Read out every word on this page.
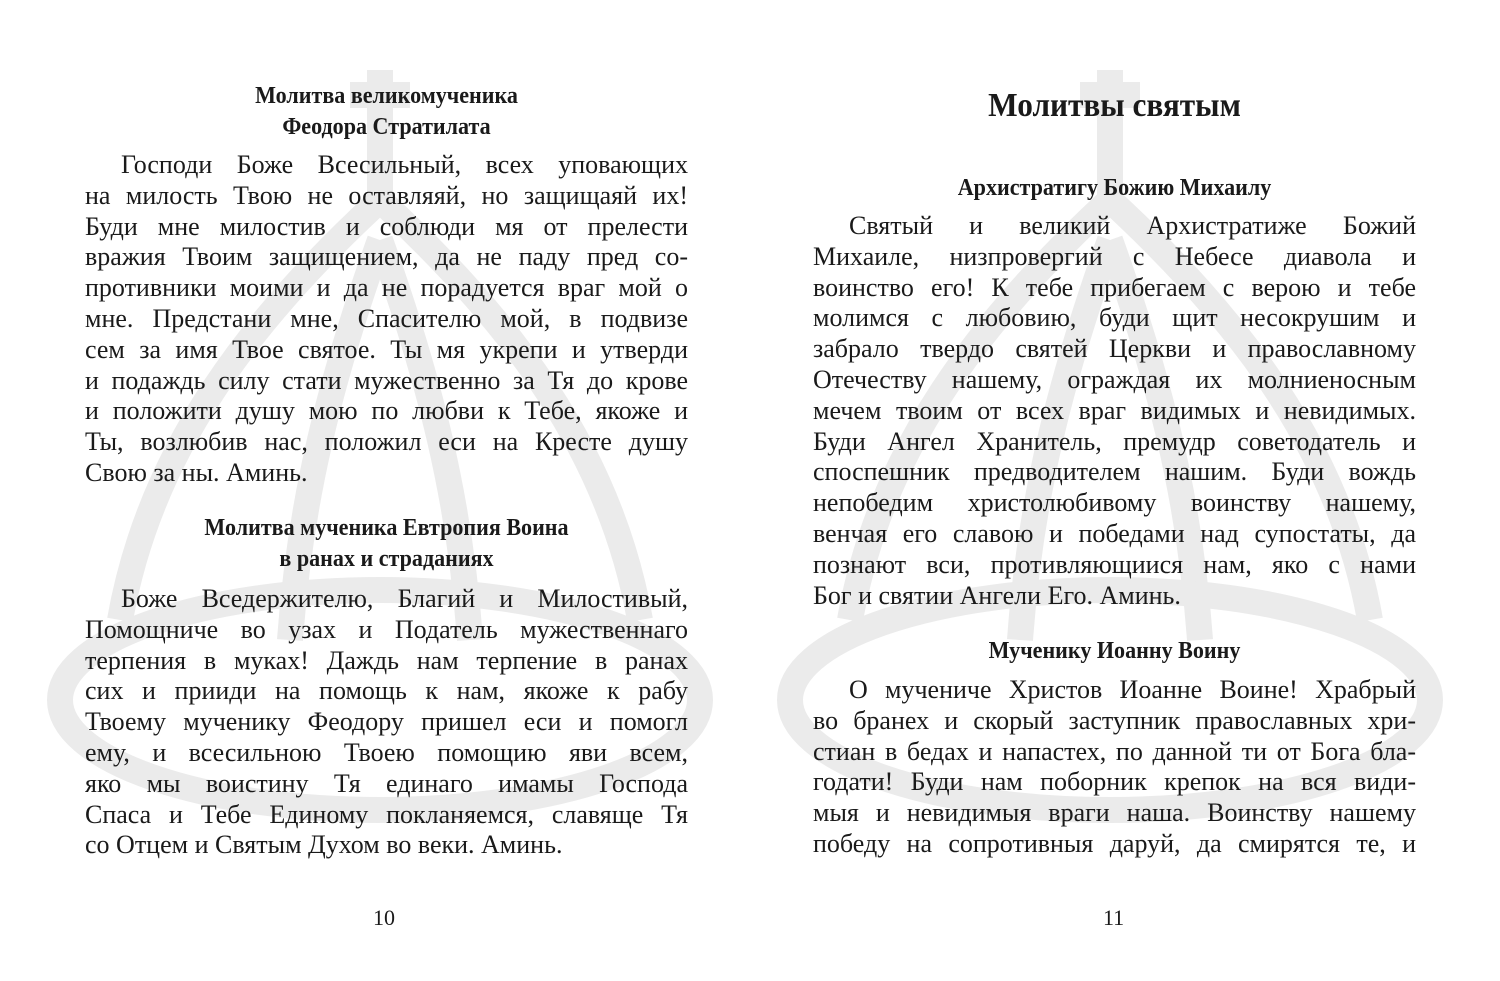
Молитва великомученика
Феодора Стратилата
Господи Боже Всесильный, всех уповающих
на милость Твою не оставляяй, но защищаяй их!
Буди мне милостив и соблюди мя от прелести
вражия Твоим защищением, да не паду пред со-
противники моими и да не порадуется враг мой о
мне. Предстани мне, Спасителю мой, в подвизе
сем за имя Твое святое. Ты мя укрепи и утверди
и подаждь силу стати мужественно за Тя до крове
и положити душу мою по любви к Тебе, якоже и
Ты, возлюбив нас, положил еси на Кресте душу
Свою за ны. Аминь.
Молитва мученика Евтропия Воина
в ранах и страданиях
Боже Вседержителю, Благий и Милостивый,
Помощниче во узах и Податель мужественнаго
терпения в муках! Даждь нам терпение в ранах
сих и прииди на помощь к нам, якоже к рабу
Твоему мученику Феодору пришел еси и помогл
ему, и всесильною Твоею помощию яви всем,
яко мы воистину Тя единаго имамы Господа
Спаса и Тебе Единому покланяемся, славяще Тя
со Отцем и Святым Духом во веки. Аминь.
10
Молитвы святым
Архистратигу Божию Михаилу
Святый и великий Архистратиже Божий
Михаиле, низпровергий с Небесе диавола и
воинство его! К тебе прибегаем с верою и тебе
молимся с любовию, буди щит несокрушим и
забрало твердо святей Церкви и православному
Отечеству нашему, ограждая их молниеносным
мечем твоим от всех враг видимых и невидимых.
Буди Ангел Хранитель, премудр советодатель и
споспешник предводителем нашим. Буди вождь
непобедим христолюбивому воинству нашему,
венчая его славою и победами над супостаты, да
познают вси, противляющиися нам, яко с нами
Бог и святии Ангели Его. Аминь.
Мученику Иоанну Воину
О мучениче Христов Иоанне Воине! Храбрый
во бранех и скорый заступник православных хри-
стиан в бедах и напастех, по данной ти от Бога бла-
годати! Буди нам поборник крепок на вся види-
мыя и невидимыя враги наша. Воинству нашему
победу на сопротивныя даруй, да смирятся те, и
11
